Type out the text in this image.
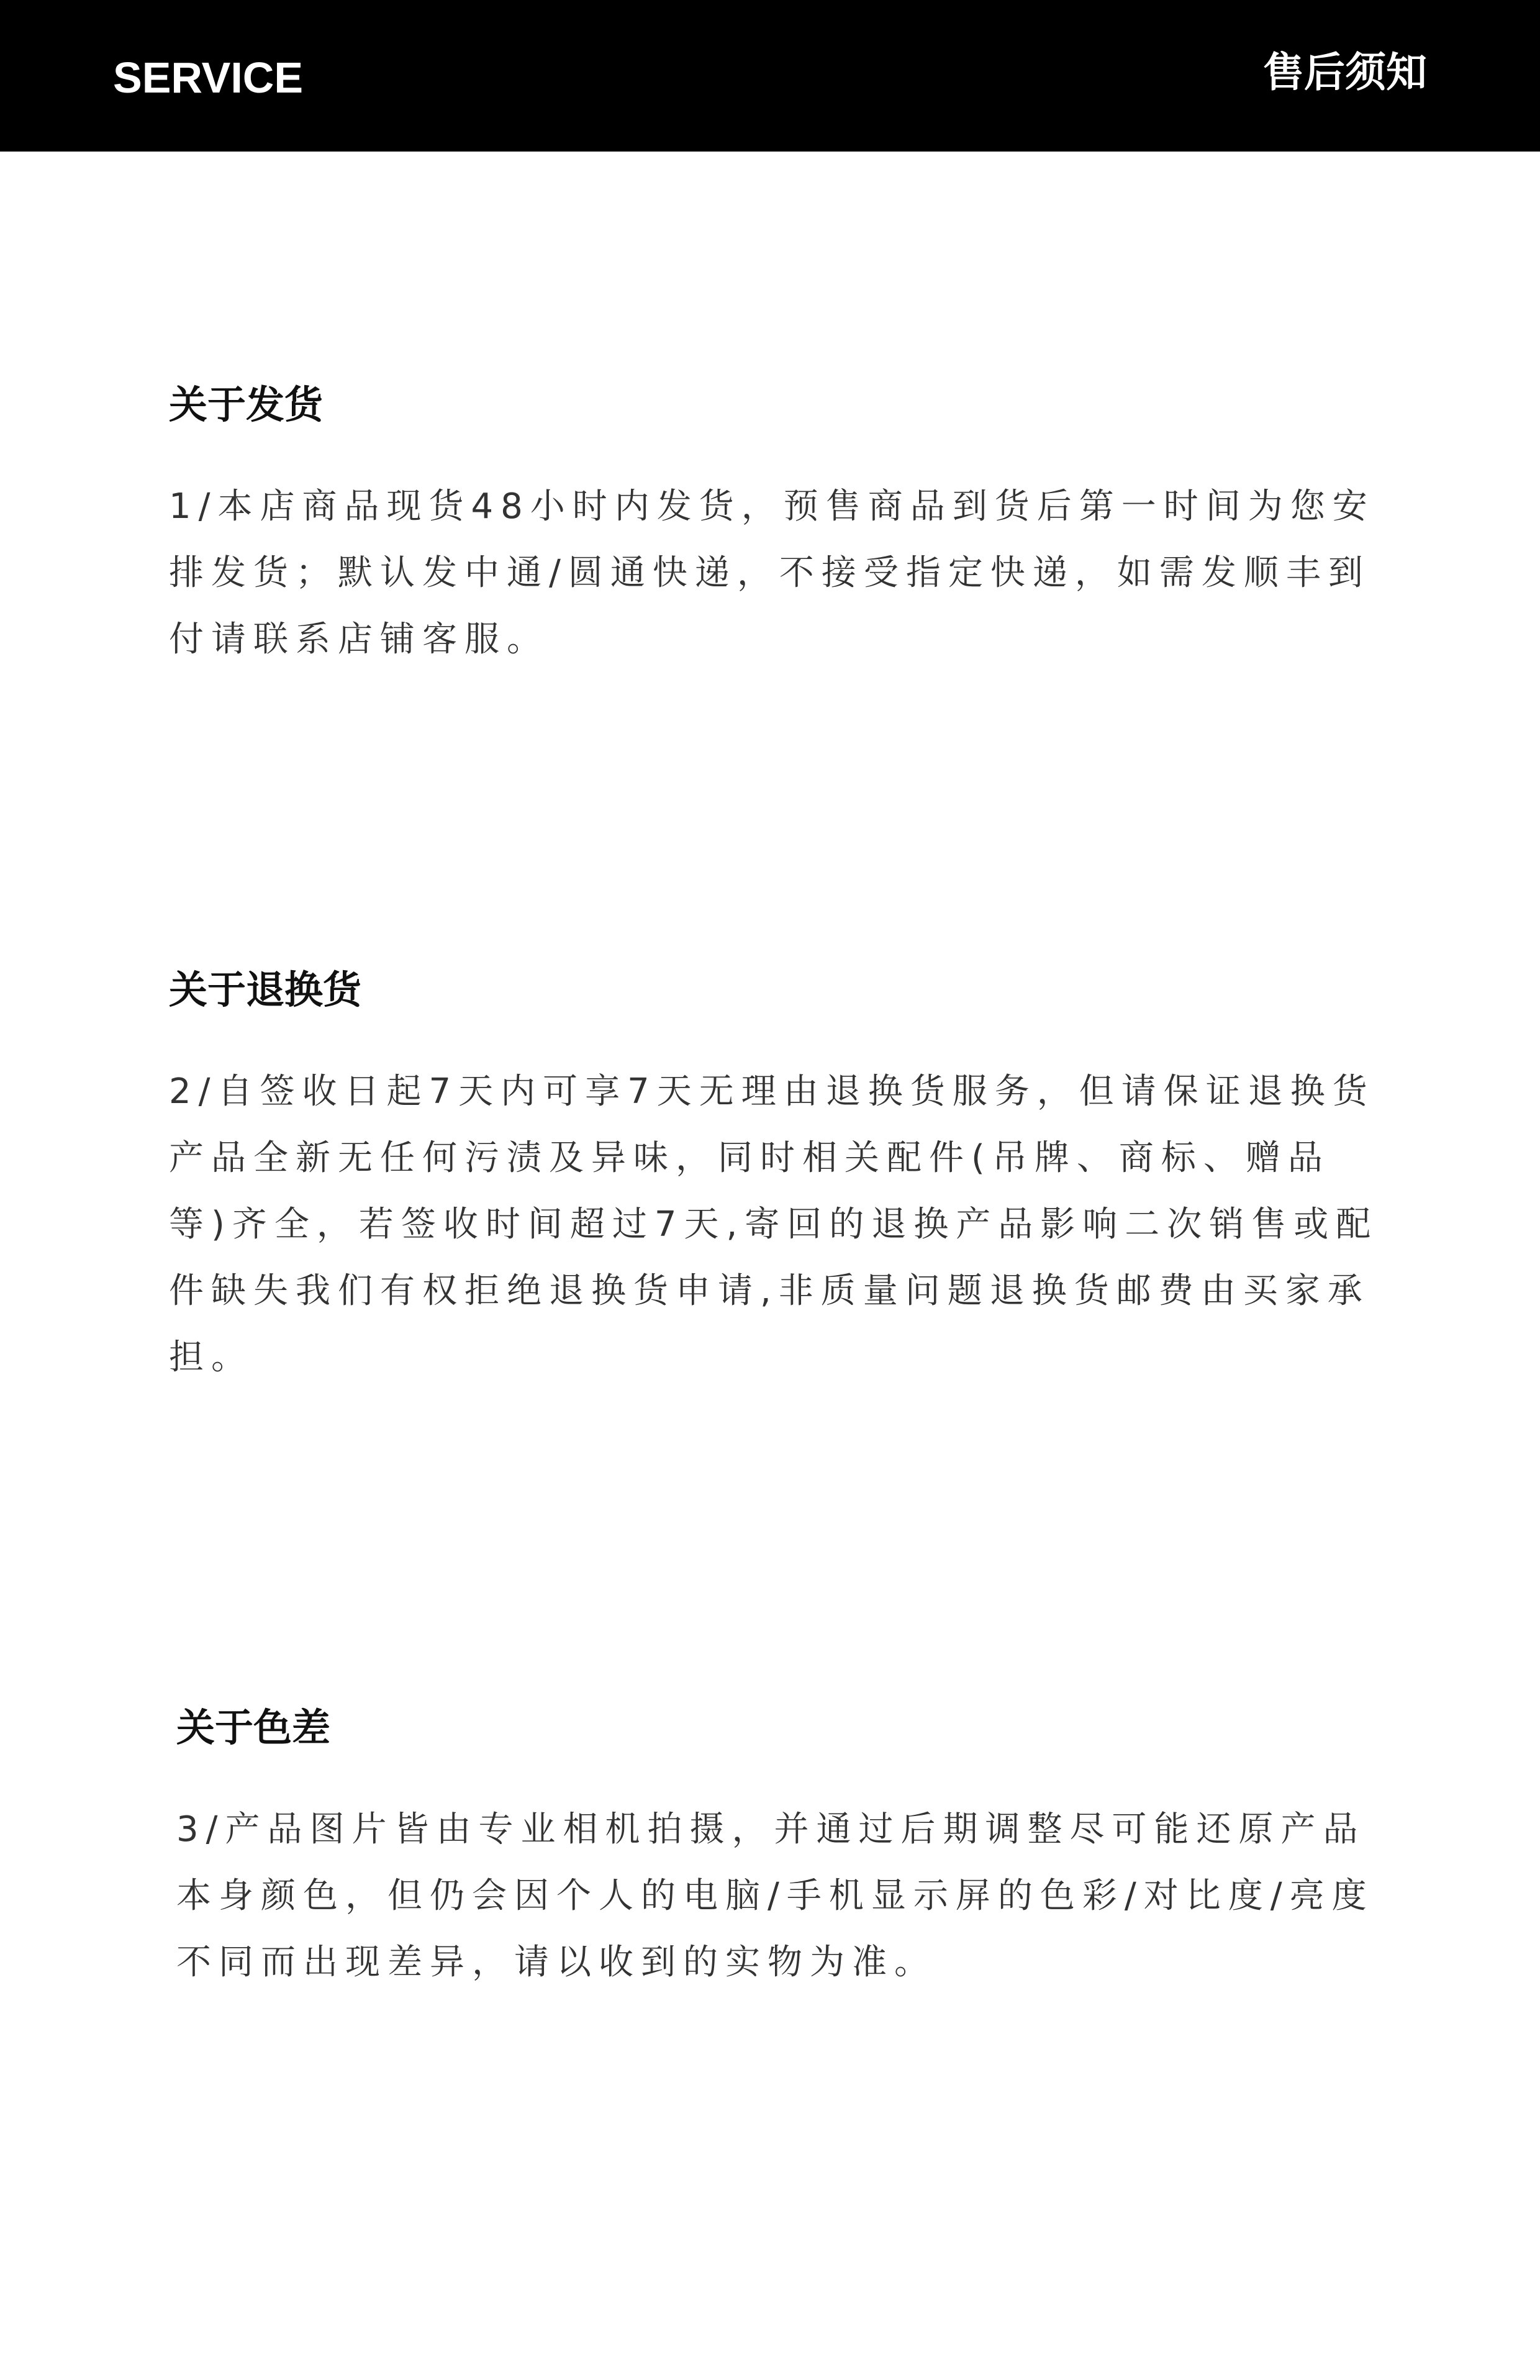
SERVICE	售后须知
关于发货

1/本店商品现货48小时内发货，预售商品到货后第一时间为您安排发货；默认发中通/圆通快递，不接受指定快递，如需发顺丰到付请联系店铺客服。

关于退换货

2/自签收日起7天内可享7天无理由退换货服务，但请保证退换货产品全新无任何污渍及异味，同时相关配件(吊牌、商标、赠品等)齐全，若签收时间超过7天,寄回的退换产品影响二次销售或配件缺失我们有权拒绝退换货申请,非质量问题退换货邮费由买家承担。

关于色差

3/产品图片皆由专业相机拍摄，并通过后期调整尽可能还原产品本身颜色，但仍会因个人的电脑/手机显示屏的色彩/对比度/亮度不同而出现差异，请以收到的实物为准。
